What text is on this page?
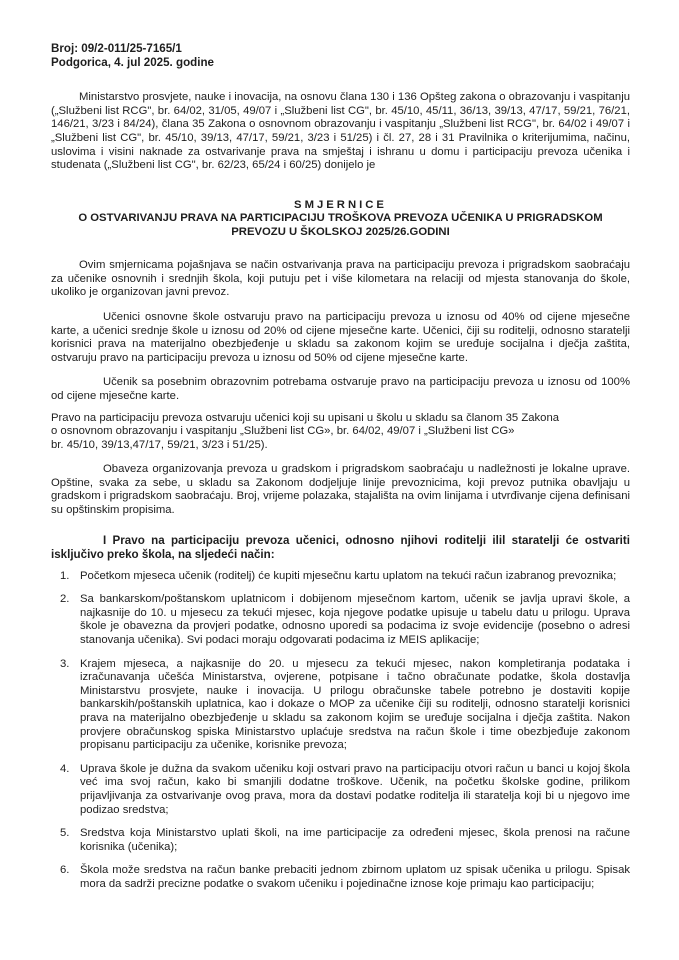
Broj: 09/2-011/25-7165/1
Podgorica, 4. jul 2025. godine

Ministarstvo prosvjete, nauke i inovacija, na osnovu člana 130 i 136 Opšteg zakona o obrazovanju i vaspitanju („Službeni list RCG", br. 64/02, 31/05, 49/07 i „Službeni list CG", br. 45/10, 45/11, 36/13, 39/13, 47/17, 59/21, 76/21, 146/21, 3/23 i 84/24), člana 35 Zakona o osnovnom obrazovanju i vaspitanju „Službeni list RCG", br. 64/02 i 49/07 i „Službeni list CG", br. 45/10, 39/13, 47/17, 59/21, 3/23 i 51/25) i čl. 27, 28 i 31 Pravilnika o kriterijumima, načinu, uslovima i visini naknade za ostvarivanje prava na smještaj i ishranu u domu i participaciju prevoza učenika i studenata („Službeni list CG", br. 62/23, 65/24 i 60/25) donijelo je

SMJERNICE
O OSTVARIVANJU PRAVA NA PARTICIPACIJU TROŠKOVA PREVOZA UČENIKA U PRIGRADSKOM
PREVOZU U ŠKOLSKOJ 2025/26.GODINI

Ovim smjernicama pojašnjava se način ostvarivanja prava na participaciju prevoza i prigradskom saobraćaju za učenike osnovnih i srednjih škola, koji putuju pet i više kilometara na relaciji od mjesta stanovanja do škole, ukoliko je organizovan javni prevoz.

Učenici osnovne škole ostvaruju pravo na participaciju prevoza u iznosu od 40% od cijene mjesečne karte, a učenici srednje škole u iznosu od 20% od cijene mjesečne karte. Učenici, čiji su roditelji, odnosno staratelji korisnici prava na materijalno obezbjeđenje u skladu sa zakonom kojim se uređuje socijalna i dječja zaštita, ostvaruju pravo na participaciju prevoza u iznosu od 50% od cijene mjesečne karte.

Učenik sa posebnim obrazovnim potrebama ostvaruje pravo na participaciju prevoza u iznosu od 100% od cijene mjesečne karte.

Pravo na participaciju prevoza ostvaruju učenici koji su upisani u školu u skladu sa članom 35 Zakona
o osnovnom obrazovanju i vaspitanju „Službeni list CG», br. 64/02, 49/07 i „Službeni list CG»
br. 45/10, 39/13,47/17, 59/21, 3/23 i 51/25).

Obaveza organizovanja prevoza u gradskom i prigradskom saobraćaju u nadležnosti je lokalne uprave. Opštine, svaka za sebe, u skladu sa Zakonom dodjeljuje linije prevoznicima, koji prevoz putnika obavljaju u gradskom i prigradskom saobraćaju. Broj, vrijeme polazaka, stajališta na ovim linijama i utvrđivanje cijena definisani su opštinskim propisima.

I Pravo na participaciju prevoza učenici, odnosno njihovi roditelji ilil staratelji će ostvariti isključivo preko škola, na sljedeći način:

1. Početkom mjeseca učenik (roditelj) će kupiti mjesečnu kartu uplatom na tekući račun izabranog prevoznika;

2. Sa bankarskom/poštanskom uplatnicom i dobijenom mjesečnom kartom, učenik se javlja upravi škole, a najkasnije do 10. u mjesecu za tekući mjesec, koja njegove podatke upisuje u tabelu datu u prilogu. Uprava škole je obavezna da provjeri podatke, odnosno uporedi sa podacima iz svoje evidencije (posebno o adresi stanovanja učenika). Svi podaci moraju odgovarati podacima iz MEIS aplikacije;

3. Krajem mjeseca, a najkasnije do 20. u mjesecu za tekući mjesec, nakon kompletiranja podataka i izračunavanja učešća Ministarstva, ovjerene, potpisane i tačno obračunate podatke, škola dostavlja Ministarstvu prosvjete, nauke i inovacija. U prilogu obračunske tabele potrebno je dostaviti kopije bankarskih/poštanskih uplatnica, kao i dokaze o MOP za učenike čiji su roditelji, odnosno staratelji korisnici prava na materijalno obezbjeđenje u skladu sa zakonom kojim se uređuje socijalna i dječja zaštita. Nakon provjere obračunskog spiska Ministarstvo uplaćuje sredstva na račun škole i time obezbjeđuje zakonom propisanu participaciju za učenike, korisnike prevoza;

4. Uprava škole je dužna da svakom učeniku koji ostvari pravo na participaciju otvori račun u banci u kojoj škola već ima svoj račun, kako bi smanjili dodatne troškove. Učenik, na početku školske godine, prilikom prijavljivanja za ostvarivanje ovog prava, mora da dostavi podatke roditelja ili staratelja koji bi u njegovo ime podizao sredstva;

5. Sredstva koja Ministarstvo uplati školi, na ime participacije za određeni mjesec, škola prenosi na račune korisnika (učenika);

6. Škola može sredstva na račun banke prebaciti jednom zbirnom uplatom uz spisak učenika u prilogu. Spisak mora da sadrži precizne podatke o svakom učeniku i pojedinačne iznose koje primaju kao participaciju;
